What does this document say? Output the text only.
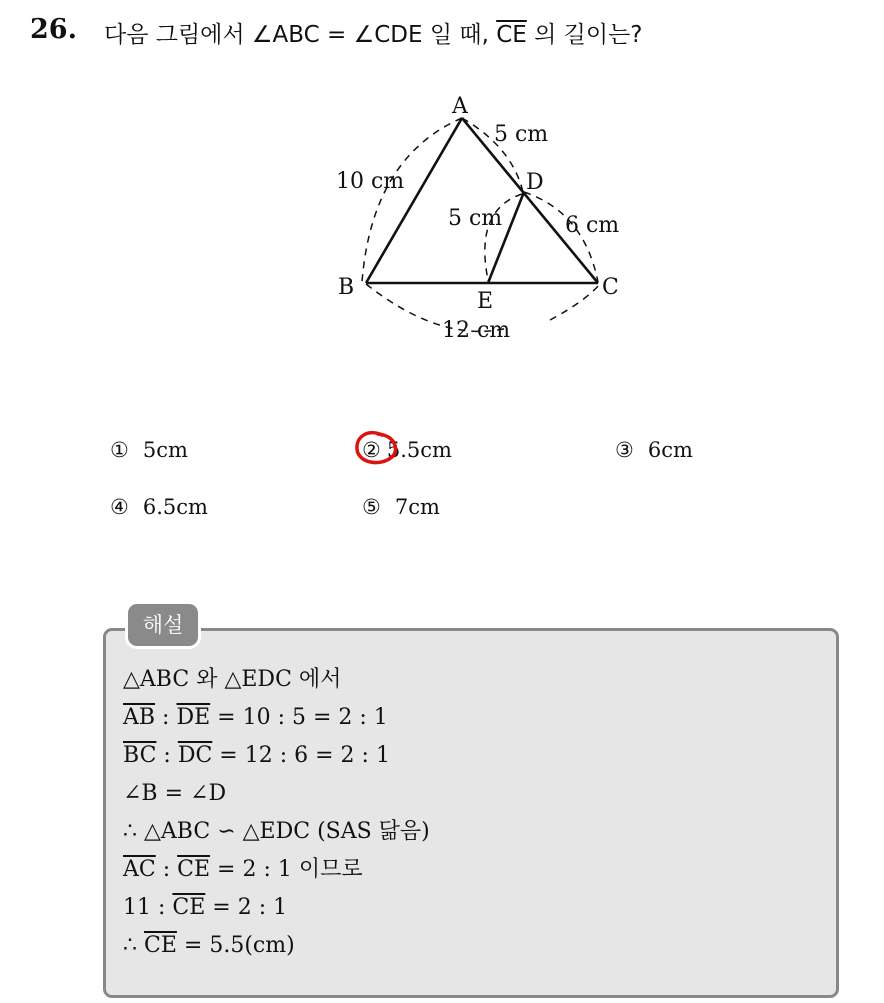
26. 다음 그림에서 ∠ABC = ∠CDE 일 때, $\overline{CE}$ 의 길이는?
A
B	C
D
E
10 cm
5 cm
5 cm	6 cm
12 cm
① 5cm	② 5.5cm	③ 6cm
④ 6.5cm	⑤ 7cm
해설
△ABC 와 △EDC 에서
$\overline{AB}$ : $\overline{DE} = 10$ : 5 = 2 : 1
$\overline{BC}$ : $\overline{DC} = 12$ : 6 = 2 : 1
∠B = ∠D
∴ △ABC ∽ △EDC (SAS 닮음)
$\overline{AC}$ : $\overline{CE} = 2$ : 1 이므로
11 : $\overline{CE} = 2$ : 1
∴ $\overline{CE} = 5.5(cm)$
